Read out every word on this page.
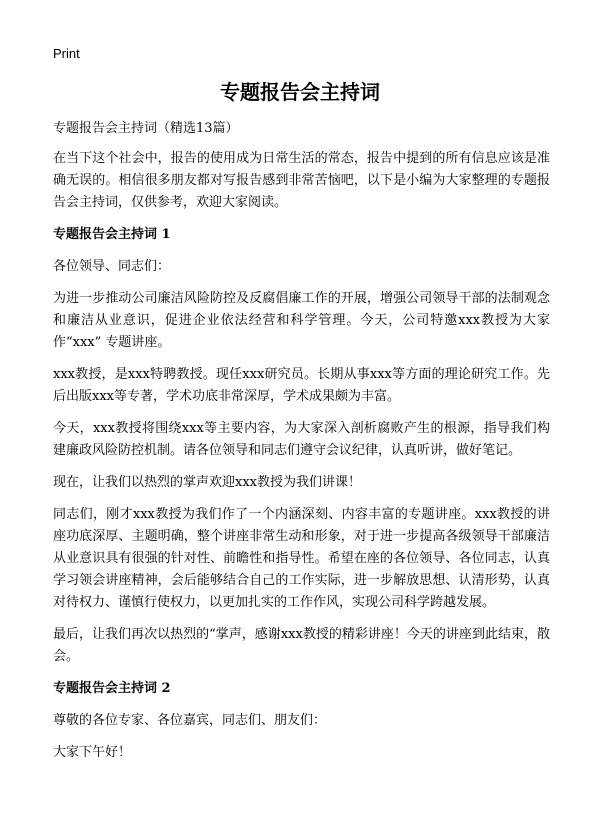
Print
专题报告会主持词

专题报告会主持词（精选13篇）

在当下这个社会中，报告的使用成为日常生活的常态，报告中提到的所有信息应该是准确无误的。相信很多朋友都对写报告感到非常苦恼吧，以下是小编为大家整理的专题报告会主持词，仅供参考，欢迎大家阅读。

专题报告会主持词 1

各位领导、同志们：

为进一步推动公司廉洁风险防控及反腐倡廉工作的开展，增强公司领导干部的法制观念和廉洁从业意识，促进企业依法经营和科学管理。今天，公司特邀xxx教授为大家作“xxx” 专题讲座。

xxx教授，是xxx特聘教授。现任xxx研究员。长期从事xxx等方面的理论研究工作。先后出版xxx等专著，学术功底非常深厚，学术成果颇为丰富。

今天，xxx教授将围绕xxx等主要内容，为大家深入剖析腐败产生的根源，指导我们构建廉政风险防控机制。请各位领导和同志们遵守会议纪律，认真听讲，做好笔记。

现在，让我们以热烈的掌声欢迎xxx教授为我们讲课！

同志们，刚才xxx教授为我们作了一个内涵深刻、内容丰富的专题讲座。xxx教授的讲座功底深厚、主题明确，整个讲座非常生动和形象，对于进一步提高各级领导干部廉洁从业意识具有很强的针对性、前瞻性和指导性。希望在座的各位领导、各位同志，认真学习领会讲座精神，会后能够结合自己的工作实际，进一步解放思想、认清形势，认真对待权力、谨慎行使权力，以更加扎实的工作作风，实现公司科学跨越发展。

最后，让我们再次以热烈的“掌声，感谢xxx教授的精彩讲座！今天的讲座到此结束，散会。

专题报告会主持词 2

尊敬的各位专家、各位嘉宾，同志们、朋友们：

大家下午好！
